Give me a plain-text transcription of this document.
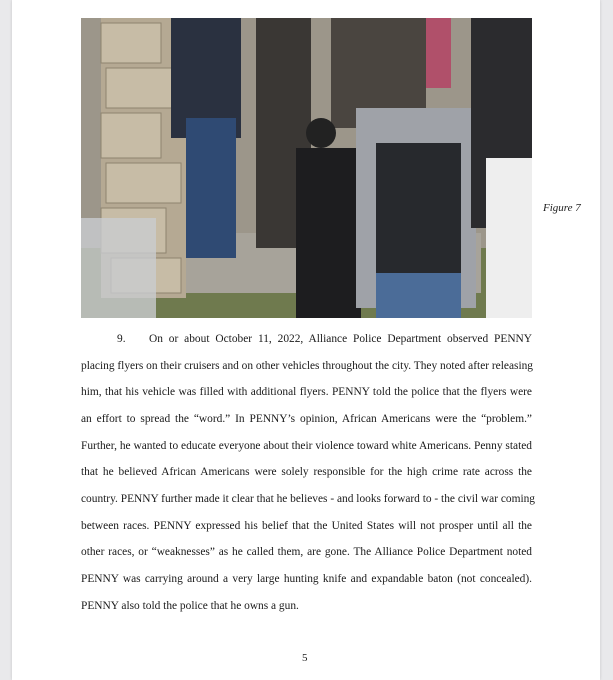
Figure 7
9. On or about October 11, 2022, Alliance Police Department observed PENNY
placing flyers on their cruisers and on other vehicles throughout the city. They noted after releasing
him, that his vehicle was filled with additional flyers. PENNY told the police that the flyers were
an effort to spread the “word.” In PENNY’s opinion, African Americans were the “problem.”
Further, he wanted to educate everyone about their violence toward white Americans. Penny stated
that he believed African Americans were solely responsible for the high crime rate across the
country. PENNY further made it clear that he believes - and looks forward to - the civil war coming
between races. PENNY expressed his belief that the United States will not prosper until all the
other races, or “weaknesses” as he called them, are gone. The Alliance Police Department noted
PENNY was carrying around a very large hunting knife and expandable baton (not concealed).
PENNY also told the police that he owns a gun.
5
